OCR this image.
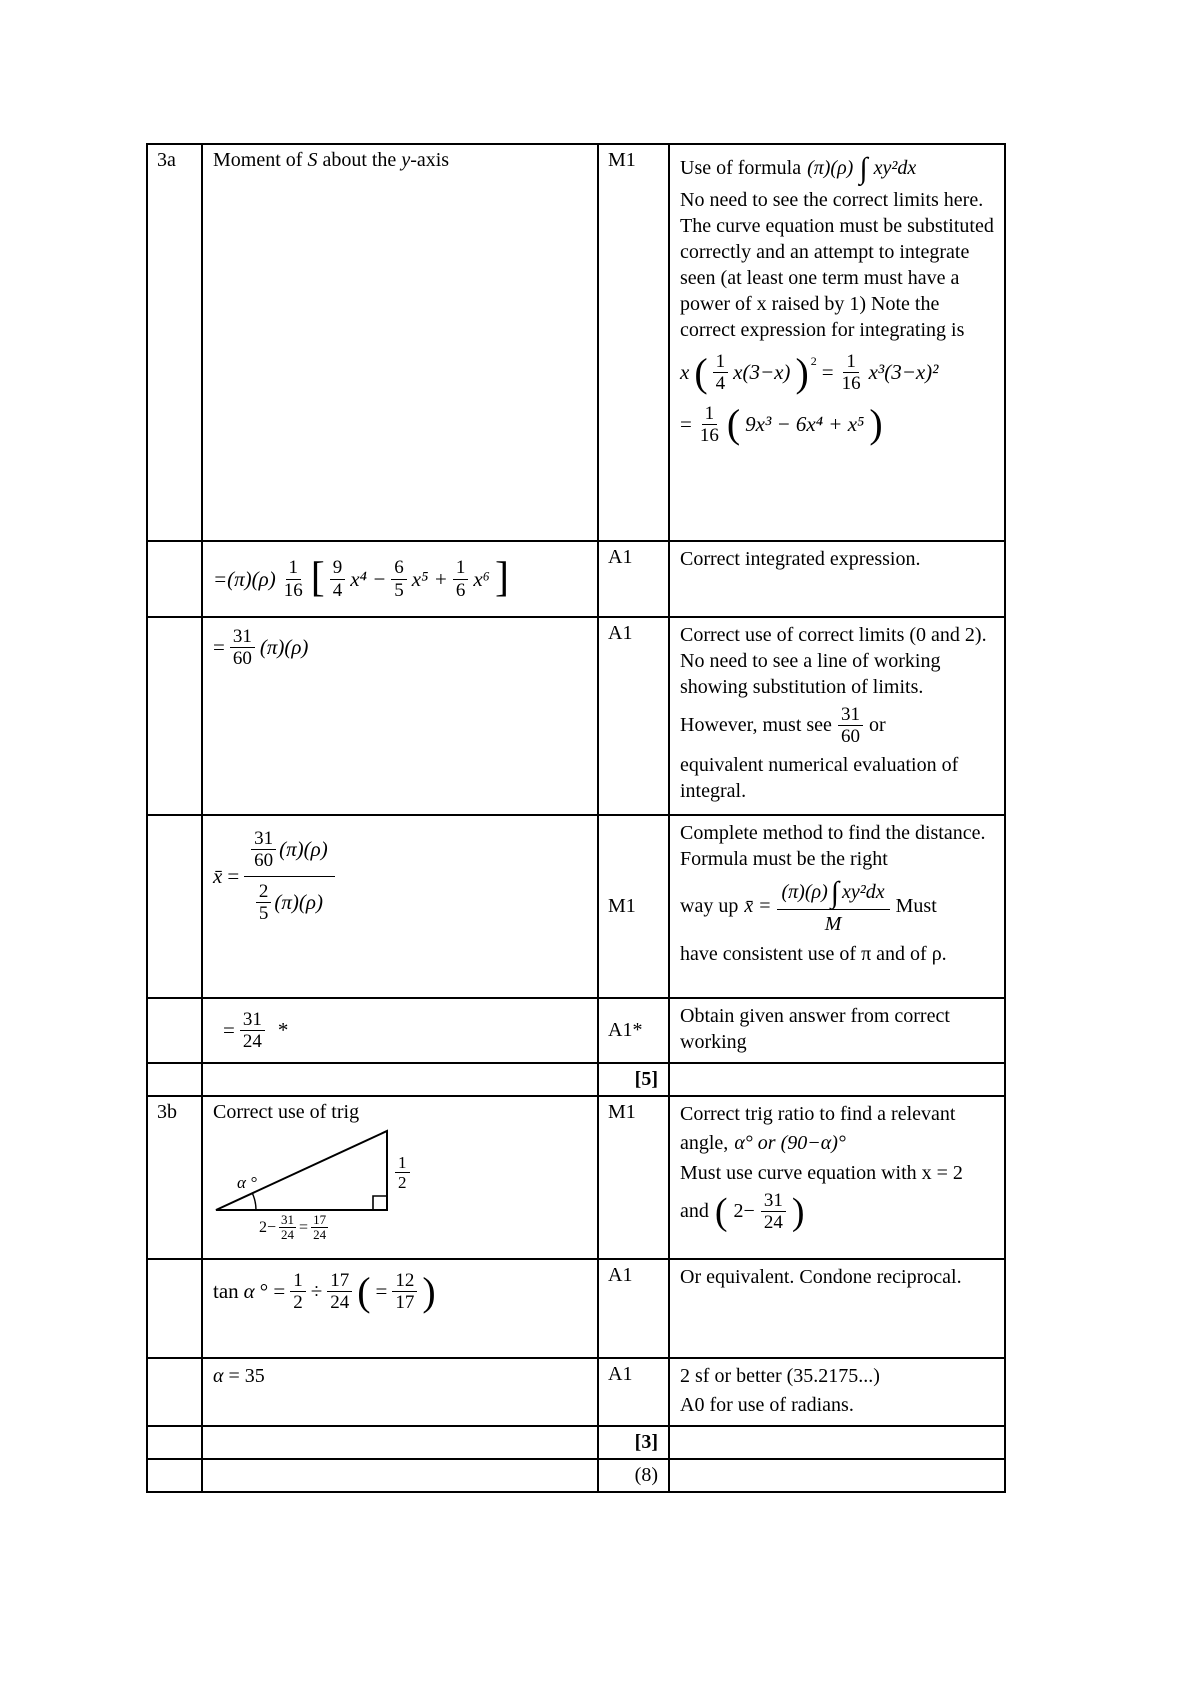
3a	Moment of S about the y-axis	M1	Use of formula (π)(ρ) ∫ xy²dx

No need to see the correct limits here. The curve equation must be substituted correctly and an attempt to integrate seen (at least one term must have a power of x raised by 1) Note the correct expression for integrating is

x ( 1
4 x(3−x) )$^2 = \frac{1}{16} x^3(3-x)^2$
= $\frac{1}{16}$ ( 9x³ − 6x⁴ + x⁵ )

=(π)(ρ) 1
16 [ 9
4 $x^4 - \frac{6}{5} x^5 + \frac{1}{6} x^6$ ]	A1	Correct integrated expression.

= $\frac{31}{60} (\pi)(\rho)$
	A1	Correct use of correct limits (0 and 2). No need to see a line of working showing substitution of limits.

However, must see 31
60
or

equivalent numerical evaluation of integral.

x̄ = 31
60 (π)(ρ)
2
5 (π)(ρ)	M1	

Complete method to find the distance. Formula must be the right

way up x̄ = $\frac{\text{(π)(ρ) ∫ xy²dx}}{M}$ Must

have consistent use of π and of ρ.

	= $\frac{31}{24}$ *	A1*	Obtain given answer from correct working

		[5]	
3b	Correct use of trig
α °	$\frac{1}{2}$
$2- \frac{31}{24} = \frac{17}{24}$
	M1	Correct trig ratio to find a relevant

angle, α° or (90−α)°

Must use curve equation with x = 2

and ( $2- \frac{31}{24}$ )

tan α ° = $\frac{1}{2} \div \frac{17}{24}$ ( = $\frac{12}{17}$ )	A1	Or equivalent. Condone reciprocal.

	α = 35	A1	2 sf or better (35.2175...)

A0 for use of radians.

		[3]	
		(8)	
